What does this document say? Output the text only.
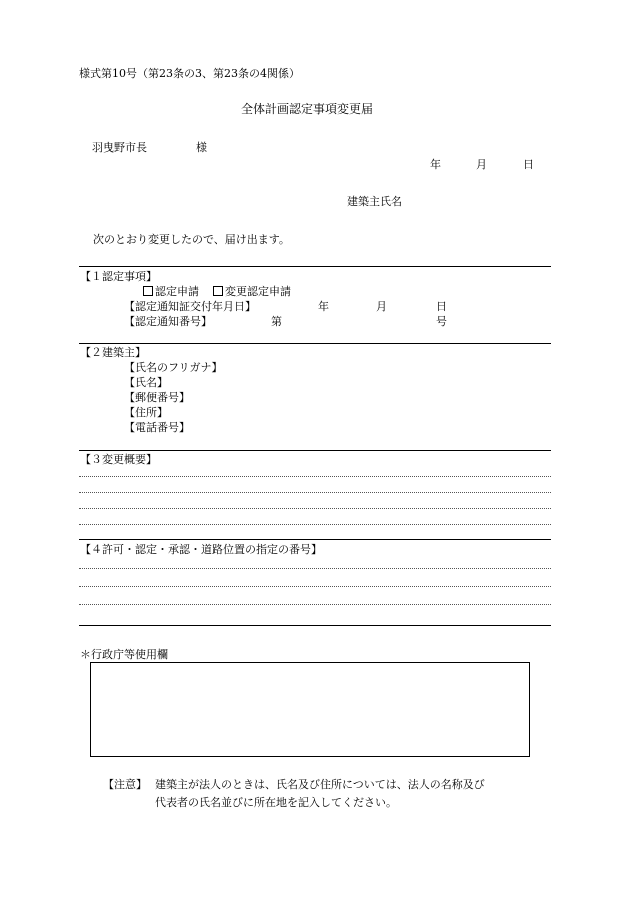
様式第10号（第23条の3、第23条の4関係）
全体計画認定事項変更届
羽曳野市長	様
年	月	日
建築主氏名
次のとおり変更したので、届け出ます。
【１認定事項】
認定申請	変更認定申請
【認定通知証交付年月日】	年	月	日
【認定通知番号】	第	号
【２建築主】
【氏名のフリガナ】
【氏名】
【郵便番号】
【住所】
【電話番号】
【３変更概要】
【４許可・認定・承認・道路位置の指定の番号】
＊行政庁等使用欄
【注意】 建築主が法人のときは、氏名及び住所については、法人の名称及び
代表者の氏名並びに所在地を記入してください。
